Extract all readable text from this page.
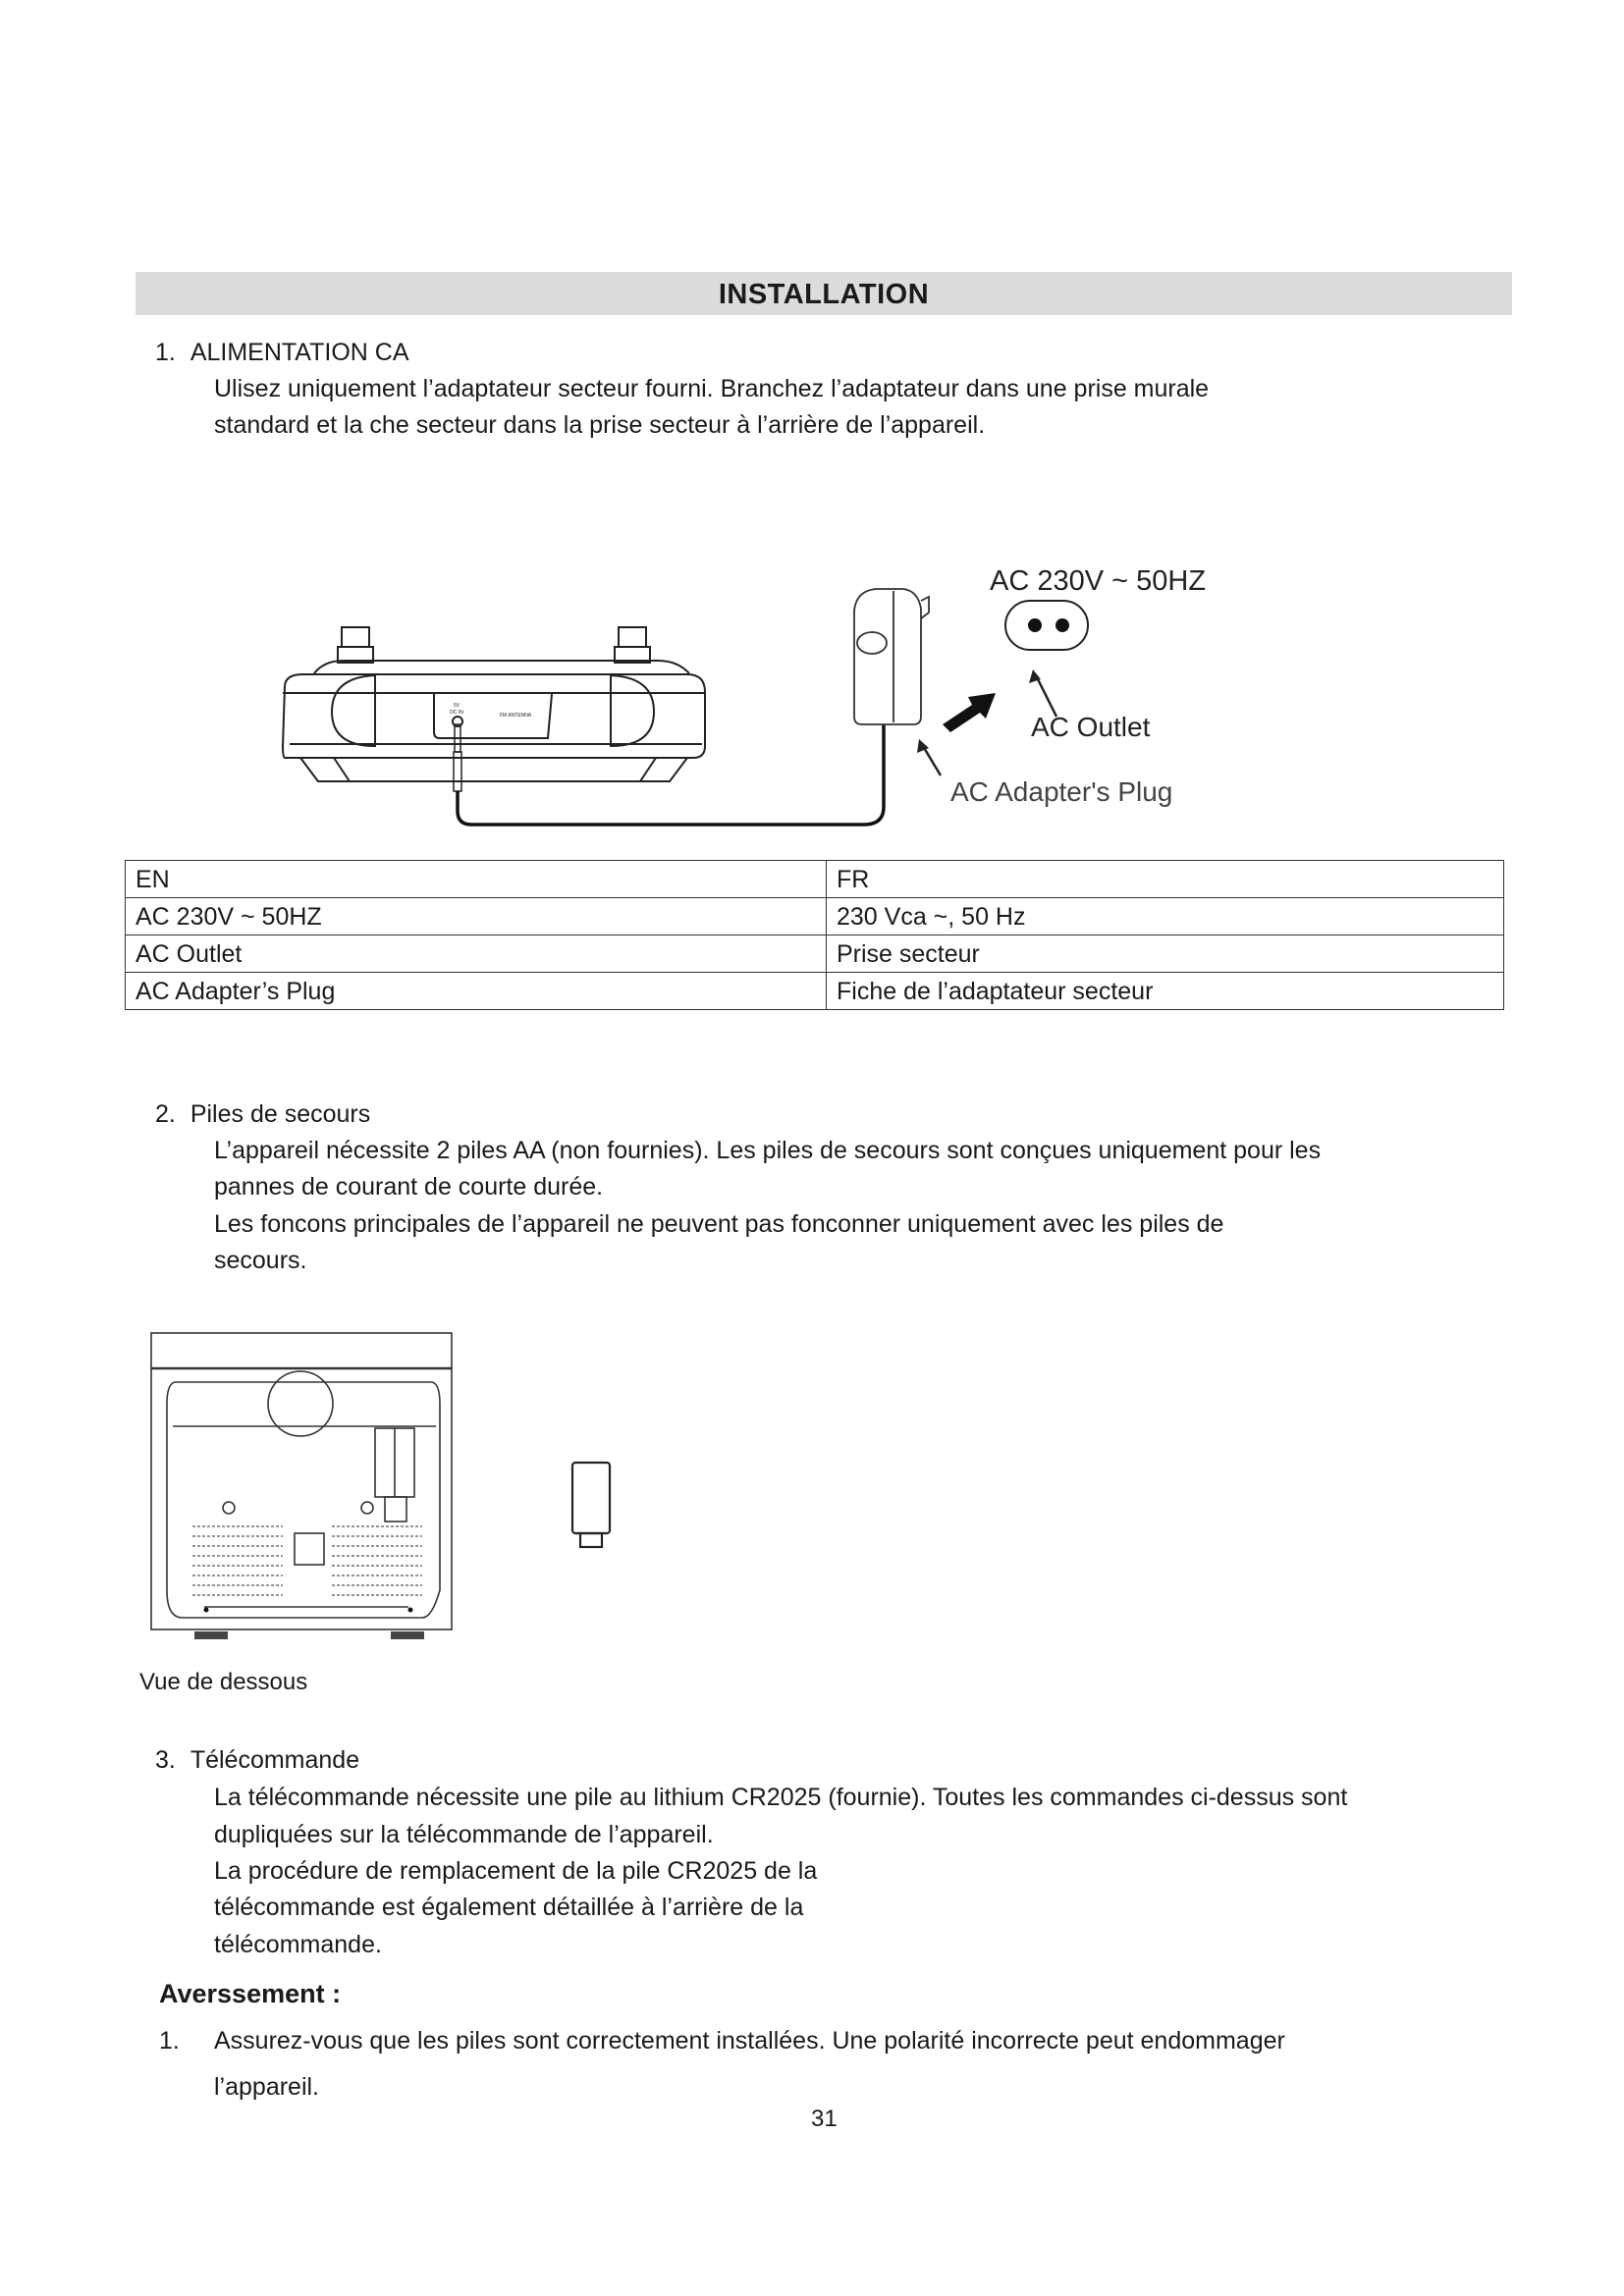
INSTALLATION
1. ALIMENTATION CA
Ulisez uniquement l’adaptateur secteur fourni. Branchez l’adaptateur dans une prise murale
standard et la che secteur dans la prise secteur à l’arrière de l’appareil.
5V
DC IN	FM ANTENNA
AC 230V ~ 50HZ
AC Outlet
AC Adapter's Plug
EN	FR
AC 230V ~ 50HZ	230 Vca ~, 50 Hz
AC Outlet	Prise secteur
AC Adapter’s Plug	Fiche de l’adaptateur secteur
2. Piles de secours
L’appareil nécessite 2 piles AA (non fournies). Les piles de secours sont conçues uniquement pour les
pannes de courant de courte durée.
Les foncons principales de l’appareil ne peuvent pas fonconner uniquement avec les piles de
secours.
Vue de dessous
3. Télécommande
La télécommande nécessite une pile au lithium CR2025 (fournie). Toutes les commandes ci-dessus sont
dupliquées sur la télécommande de l’appareil.
La procédure de remplacement de la pile CR2025 de la
télécommande est également détaillée à l’arrière de la
télécommande.
Averssement :
1. Assurez-vous que les piles sont correctement installées. Une polarité incorrecte peut endommager
l’appareil.
31
